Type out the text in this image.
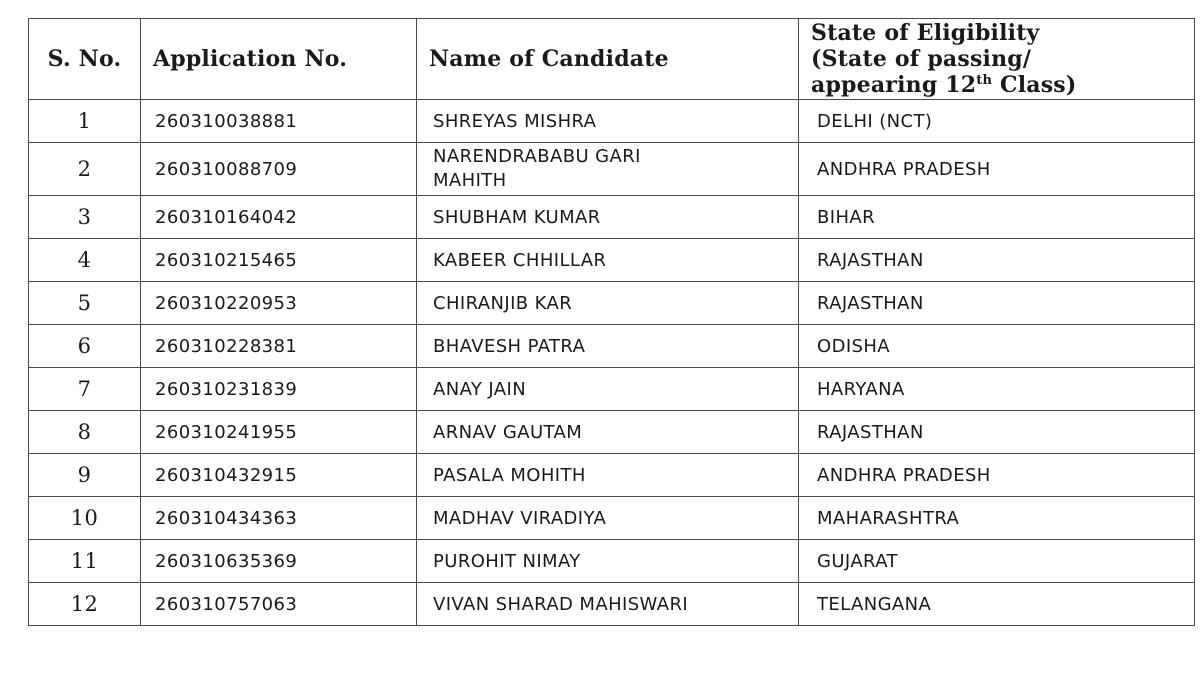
S. No.	Application No.	Name of Candidate	State of Eligibility
(State of passing/
appearing 12th Class)

1	260310038881	SHREYAS MISHRA	DELHI (NCT)

2	260310088709	NARENDRABABU GARI
MAHITH	ANDHRA PRADESH

3	260310164042	SHUBHAM KUMAR	BIHAR

4	260310215465	KABEER CHHILLAR	RAJASTHAN

5	260310220953	CHIRANJIB KAR	RAJASTHAN

6	260310228381	BHAVESH PATRA	ODISHA

7	260310231839	ANAY JAIN	HARYANA

8	260310241955	ARNAV GAUTAM	RAJASTHAN

9	260310432915	PASALA MOHITH	ANDHRA PRADESH

10	260310434363	MADHAV VIRADIYA	MAHARASHTRA

11	260310635369	PUROHIT NIMAY	GUJARAT

12	260310757063	VIVAN SHARAD MAHISWARI	TELANGANA
